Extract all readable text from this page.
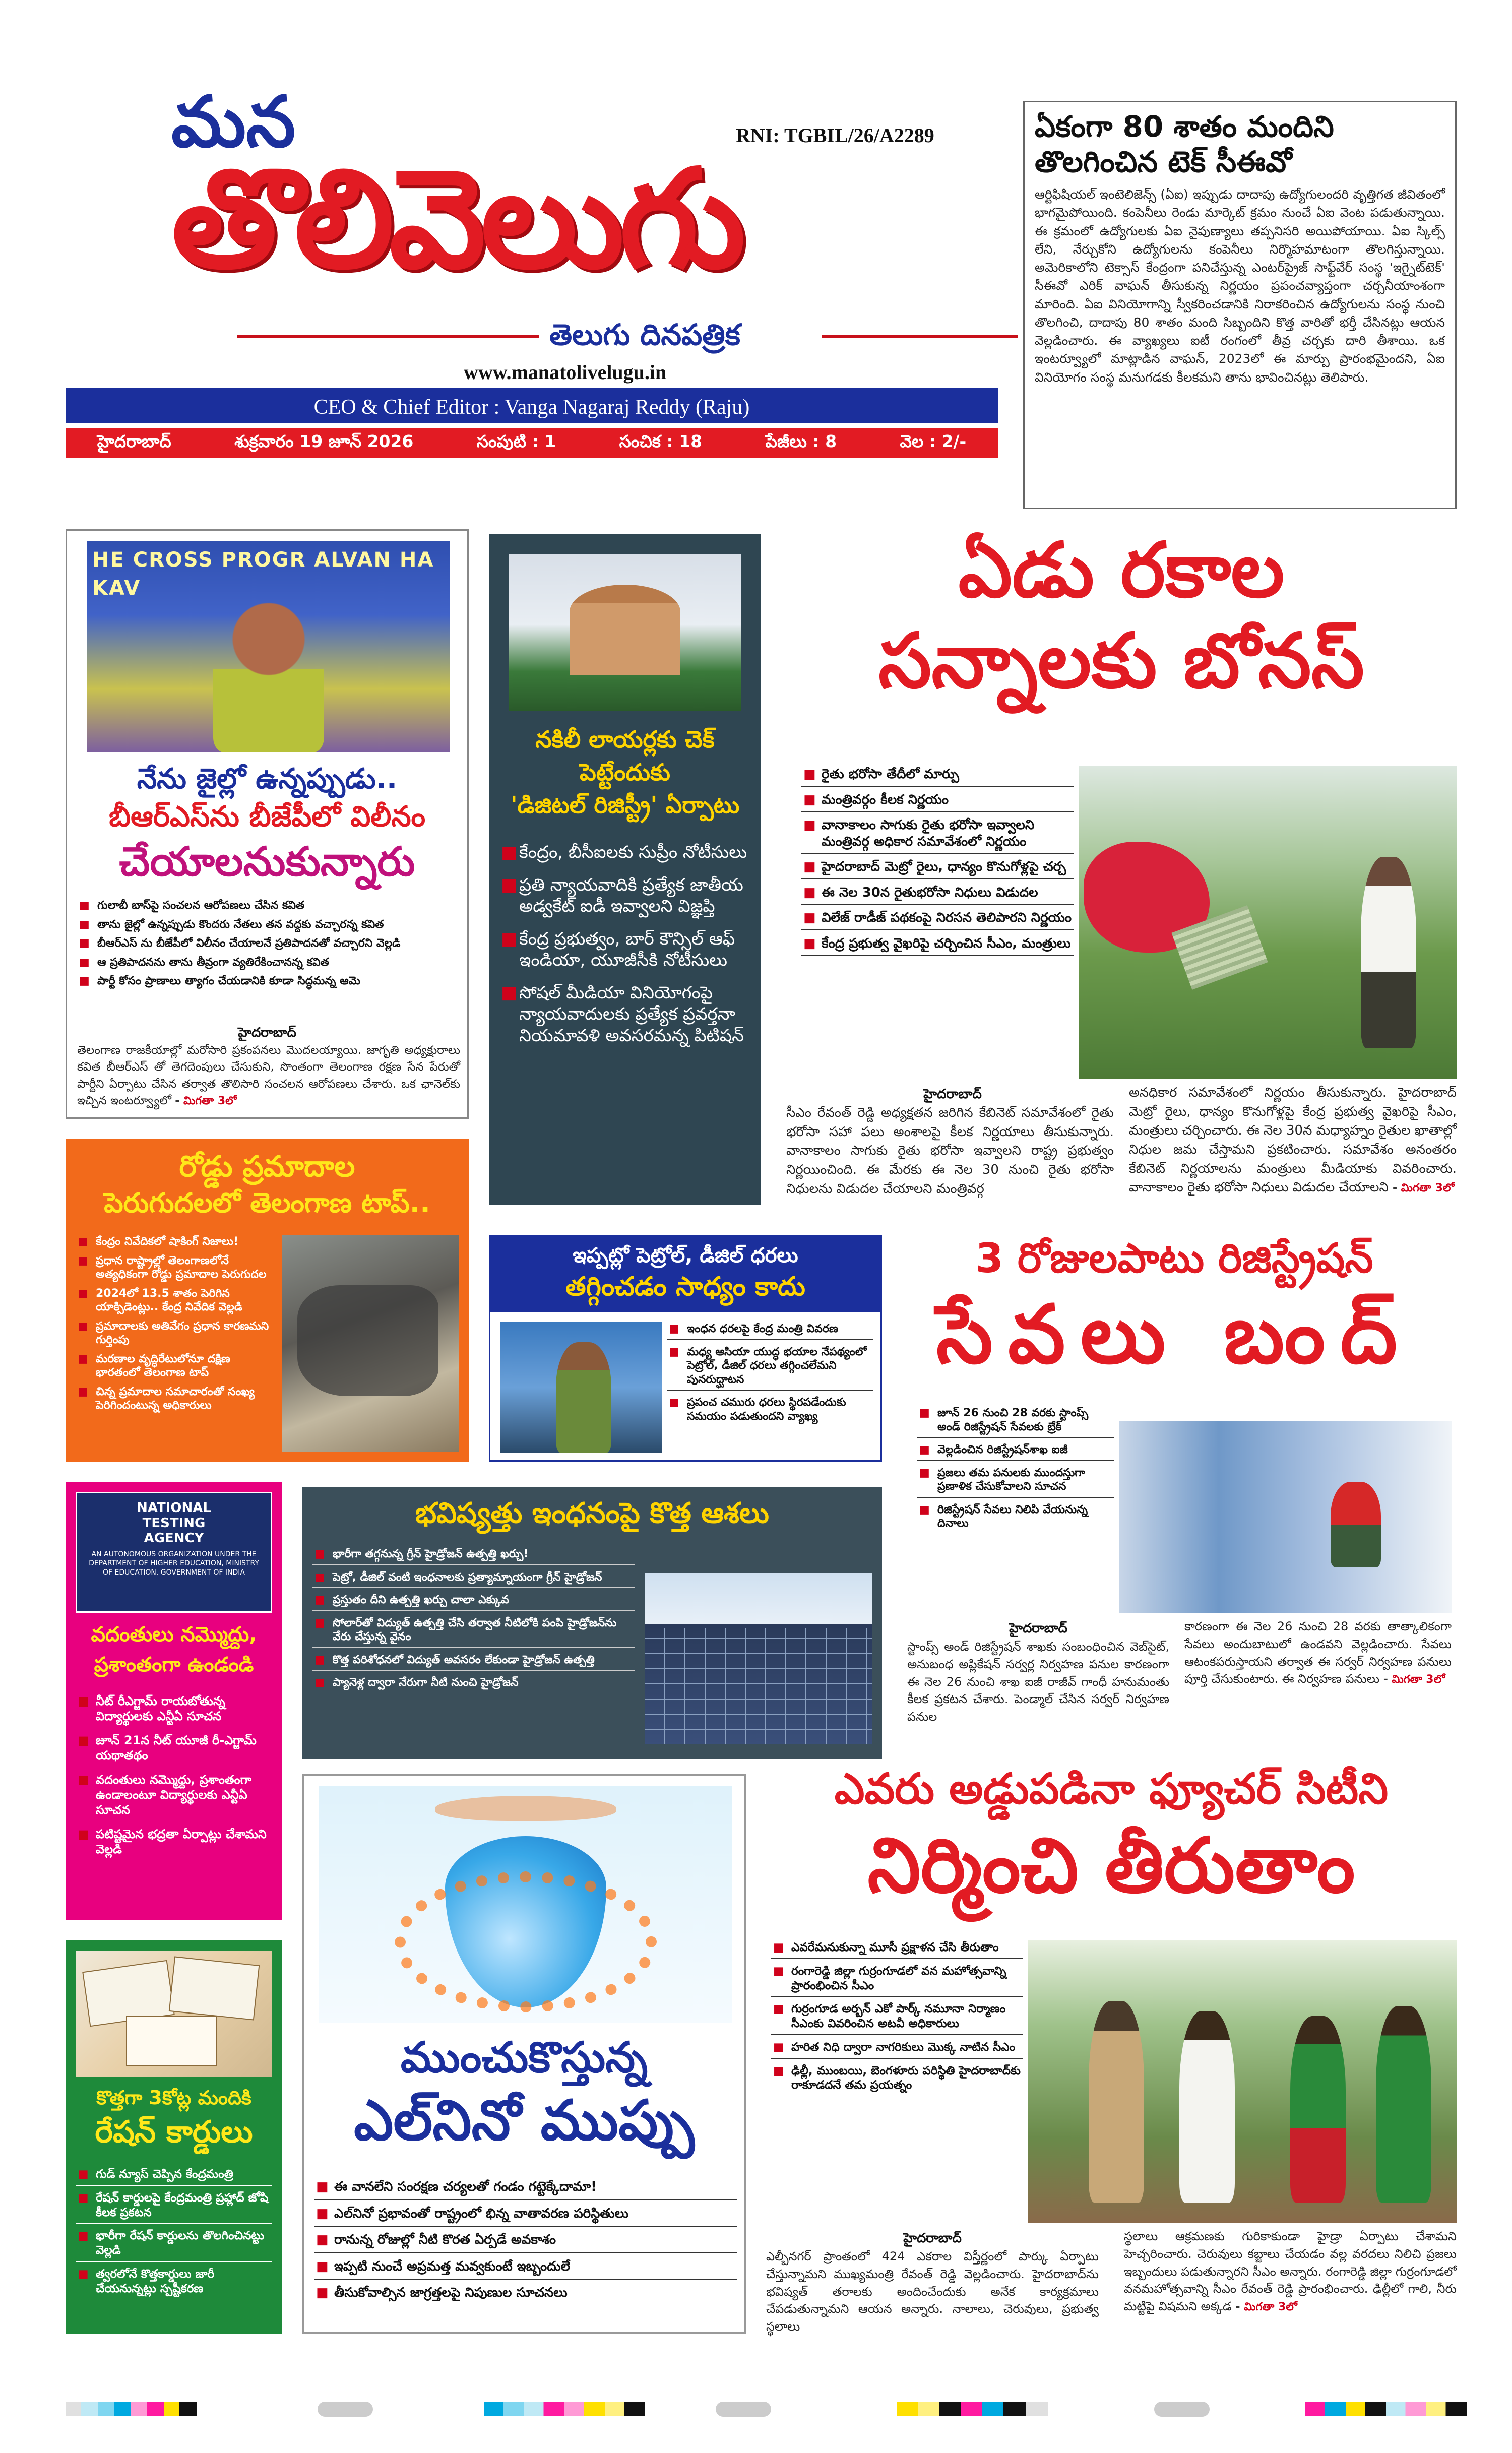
మన	RNI: TGBIL/26/A2289
తొలివెలుగు
తెలుగు దినపత్రిక
www.manatolivelugu.in
CEO & Chief Editor : Vanga Nagaraj Reddy (Raju)
హైదరాబాద్	శుక్రవారం 19 జూన్ 2026	సంపుటి : 1	సంచిక : 18	పేజీలు : 8	వెల : 2/-
ఏకంగా 80 శాతం మందిని
తొలగించిన టెక్ సీఈవో
ఆర్టిఫిషియల్ ఇంటెలిజెన్స్ (ఏఐ) ఇప్పుడు దాదాపు ఉద్యోగులందరి వృత్తిగత జీవితంలో భాగమైపోయింది. కంపెనీలు రెండు మార్కెట్ క్రమం నుంచే ఏఐ వెంట పడుతున్నాయి. ఈ క్రమంలో ఉద్యోగులకు ఏఐ నైపుణ్యాలు తప్పనిసరి అయిపోయాయి. ఏఐ స్కిల్స్ లేని, నేర్చుకోని ఉద్యోగులను కంపెనీలు నిర్మొహమాటంగా తొలగిస్తున్నాయి. అమెరికాలోని టెక్సాస్ కేంద్రంగా పనిచేస్తున్న ఎంటర్‌ప్రైజ్ సాఫ్ట్‌వేర్ సంస్థ 'ఇగ్నైట్‌టెక్' సీఈవో ఎరిక్ వాఘన్ తీసుకున్న నిర్ణయం ప్రపంచవ్యాప్తంగా చర్చనీయాంశంగా మారింది. ఏఐ వినియోగాన్ని స్వీకరించడానికి నిరాకరించిన ఉద్యోగులను సంస్థ నుంచి తొలగించి, దాదాపు 80 శాతం మంది సిబ్బందిని కొత్త వారితో భర్తీ చేసినట్లు ఆయన వెల్లడించారు. ఈ వ్యాఖ్యలు ఐటీ రంగంలో తీవ్ర చర్చకు దారి తీశాయి. ఒక ఇంటర్వ్యూలో మాట్లాడిన వాఘన్, 2023లో ఈ మార్పు ప్రారంభమైందని, ఏఐ వినియోగం సంస్థ మనుగడకు కీలకమని తాను భావించినట్లు తెలిపారు.
HE CROSS PROGR ALVAN HA KAV
నేను జైల్లో ఉన్నప్పుడు..
బీఆర్ఎస్‌ను బీజేపీలో విలీనం
చేయాలనుకున్నారు
■ గులాబీ బాస్‌పై సంచలన ఆరోపణలు చేసిన కవిత
■ తాను జైల్లో ఉన్నప్పుడు కొందరు నేతలు తన వద్దకు వచ్చారన్న కవిత
■ బీఆర్ఎస్ ను బీజేపీలో విలీనం చేయాలనే ప్రతిపాదనతో వచ్చారని వెల్లడి
■ ఆ ప్రతిపాదనను తాను తీవ్రంగా వ్యతిరేకించానన్న కవిత
■ పార్టీ కోసం ప్రాణాలు త్యాగం చేయడానికి కూడా సిద్ధమన్న ఆమె
హైదరాబాద్
తెలంగాణ రాజకీయాల్లో మరోసారి ప్రకంపనలు మొదలయ్యాయి. జాగృతి అధ్యక్షురాలు కవిత బీఆర్ఎస్ తో తెగదెంపులు చేసుకుని, సొంతంగా తెలంగాణ రక్షణ సేన పేరుతో పార్టీని ఏర్పాటు చేసిన తర్వాత తొలిసారి సంచలన ఆరోపణలు చేశారు. ఒక ఛానెల్‌కు ఇచ్చిన ఇంటర్వ్యూలో - మిగతా 3లో
నకిలీ లాయర్లకు చెక్
పెట్టేందుకు
'డిజిటల్ రిజిస్ట్రీ' ఏర్పాటు
■ కేంద్రం, బీసీఐలకు సుప్రీం నోటీసులు
■ ప్రతి న్యాయవాదికి ప్రత్యేక జాతీయ అడ్వకేట్ ఐడీ ఇవ్వాలని విజ్ఞప్తి
■ కేంద్ర ప్రభుత్వం, బార్ కౌన్సిల్ ఆఫ్ ఇండియా, యూజీసీకి నోటీసులు
■ సోషల్ మీడియా వినియోగంపై న్యాయవాదులకు ప్రత్యేక ప్రవర్తనా నియమావళి అవసరమన్న పిటిషన్
ఏడు రకాల
సన్నాలకు బోనస్
■ రైతు భరోసా తేదీలో మార్పు
■ మంత్రివర్గం కీలక నిర్ణయం
■ వానాకాలం సాగుకు రైతు భరోసా ఇవ్వాలని మంత్రివర్గ అధికార సమావేశంలో నిర్ణయం
■ హైదరాబాద్ మెట్రో రైలు, ధాన్యం కొనుగోళ్లపై చర్చ
■ ఈ నెల 30న రైతుభరోసా నిధులు విడుదల
■ విలేజ్ రాడీజ్ పథకంపై నిరసన తెలిపారని నిర్ణయం
■ కేంద్ర ప్రభుత్వ వైఖరిపై చర్చించిన సీఎం, మంత్రులు
హైదరాబాద్
సీఎం రేవంత్ రెడ్డి అధ్యక్షతన జరిగిన కేబినెట్ సమావేశంలో రైతు భరోసా సహా పలు అంశాలపై కీలక నిర్ణయాలు తీసుకున్నారు. వానాకాలం సాగుకు రైతు భరోసా ఇవ్వాలని రాష్ట్ర ప్రభుత్వం నిర్ణయించింది. ఈ మేరకు ఈ నెల 30 నుంచి రైతు భరోసా నిధులను విడుదల చేయాలని మంత్రివర్గ
అనధికార సమావేశంలో నిర్ణయం తీసుకున్నారు. హైదరాబాద్ మెట్రో రైలు, ధాన్యం కొనుగోళ్లపై కేంద్ర ప్రభుత్వ వైఖరిపై సీఎం, మంత్రులు చర్చించారు. ఈ నెల 30న మధ్యాహ్నం రైతుల ఖాతాల్లో నిధుల జమ చేస్తామని ప్రకటించారు. సమావేశం అనంతరం కేబినెట్ నిర్ణయాలను మంత్రులు మీడియాకు వివరించారు. వానాకాలం రైతు భరోసా నిధులు విడుదల చేయాలని - మిగతా 3లో
రోడ్డు ప్రమాదాల
పెరుగుదలలో తెలంగాణ టాప్..
■ కేంద్రం నివేదికలో షాకింగ్ నిజాలు!
■ ప్రధాన రాష్ట్రాల్లో తెలంగాణలోనే అత్యధికంగా రోడ్డు ప్రమాదాల పెరుగుదల
■ 2024లో 13.5 శాతం పెరిగిన యాక్సిడెంట్లు.. కేంద్ర నివేదిక వెల్లడి
■ ప్రమాదాలకు అతివేగం ప్రధాన కారణమని గుర్తింపు
■ మరణాల వృద్ధిరేటులోనూ దక్షిణ భారతంలో తెలంగాణ టాప్
■ చిన్న ప్రమాదాల సమాచారంతో సంఖ్య పెరిగిందంటున్న అధికారులు
ఇప్పట్లో పెట్రోల్, డీజిల్ ధరలు
తగ్గించడం సాధ్యం కాదు
■ ఇంధన ధరలపై కేంద్ర మంత్రి వివరణ
■ మధ్య ఆసియా యుద్ధ భయాల నేపథ్యంలో పెట్రోల్, డీజిల్ ధరలు తగ్గించలేమని పునరుద్ఘాటన
■ ప్రపంచ చమురు ధరలు స్థిరపడేందుకు సమయం పడుతుందని వ్యాఖ్య
3 రోజులపాటు రిజిస్ట్రేషన్
సేవలు బంద్
■ జూన్ 26 నుంచి 28 వరకు స్టాంప్స్ అండ్ రిజిస్ట్రేషన్ సేవలకు బ్రేక్
■ వెల్లడించిన రిజిస్ట్రేషన్‌శాఖ ఐజీ
■ ప్రజలు తమ పనులకు ముందస్తుగా ప్రణాళిక చేసుకోవాలని సూచన
■ రిజిస్ట్రేషన్ సేవలు నిలిపి వేయనున్న దినాలు
హైదరాబాద్
స్టాంప్స్ అండ్ రిజిస్ట్రేషన్ శాఖకు సంబంధించిన వెబ్‌సైట్, అనుబంధ అప్లికేషన్ సర్వర్ల నిర్వహణ పనుల కారణంగా ఈ నెల 26 నుంచి శాఖ ఐజీ రాజీవ్ గాంధీ హనుమంతు కీలక ప్రకటన చేశారు. పెండ్మాల్ చేసిన సర్వర్ నిర్వహణ పనుల
కారణంగా ఈ నెల 26 నుంచి 28 వరకు తాత్కాలికంగా సేవలు అందుబాటులో ఉండవని వెల్లడించారు. సేవలు ఆటంకపరుస్తాయని తర్వాత ఈ సర్వర్ నిర్వహణ పనులు పూర్తి చేసుకుంటారు. ఈ నిర్వహణ పనులు - మిగతా 3లో
NATIONAL
TESTING
AGENCY
AN AUTONOMOUS ORGANIZATION UNDER THE DEPARTMENT OF HIGHER EDUCATION, MINISTRY OF EDUCATION, GOVERNMENT OF INDIA
వదంతులు నమ్మొద్దు,
ప్రశాంతంగా ఉండండి
■ నీట్ రీఎగ్జామ్ రాయబోతున్న విద్యార్థులకు ఎన్టీఏ సూచన
■ జూన్ 21న నీట్ యూజీ రీ-ఎగ్జామ్ యథాతథం
■ వదంతులు నమ్మొద్దు, ప్రశాంతంగా ఉండాలంటూ విద్యార్థులకు ఎన్టీఏ సూచన
■ పటిష్టమైన భద్రతా ఏర్పాట్లు చేశామని వెల్లడి
భవిష్యత్తు ఇంధనంపై కొత్త ఆశలు
■ భారీగా తగ్గనున్న గ్రీన్ హైడ్రోజన్ ఉత్పత్తి ఖర్చు!
■ పెట్రో, డీజిల్ వంటి ఇంధనాలకు ప్రత్యామ్నాయంగా గ్రీన్ హైడ్రోజన్
■ ప్రస్తుతం దీని ఉత్పత్తి ఖర్చు చాలా ఎక్కువ
■ సోలార్‌తో విద్యుత్ ఉత్పత్తి చేసి తర్వాత నీటిలోకి పంపి హైడ్రోజన్‌ను వేరు చేస్తున్న వైనం
■ కొత్త పరిశోధనలో విద్యుత్ అవసరం లేకుండా హైడ్రోజన్ ఉత్పత్తి
■ ప్యానెళ్ల ద్వారా నేరుగా నీటి నుంచి హైడ్రోజన్
కొత్తగా 3కోట్ల మందికి
రేషన్ కార్డులు
■ గుడ్ న్యూస్ చెప్పిన కేంద్రమంత్రి
■ రేషన్ కార్డులపై కేంద్రమంత్రి ప్రహ్లాద్ జోషి కీలక ప్రకటన
■ భారీగా రేషన్ కార్డులను తొలగించినట్టు వెల్లడి
■ త్వరలోనే కొత్తకార్డులు జారీ చేయనున్నట్లు స్పష్టీకరణ
ముంచుకొస్తున్న
ఎల్‌నినో ముప్పు
■ ఈ వానలేని సంరక్షణ చర్యలతో గండం గట్టెక్కేదామా!
■ ఎల్‌నినో ప్రభావంతో రాష్ట్రంలో భిన్న వాతావరణ పరిస్థితులు
■ రానున్న రోజుల్లో నీటి కొరత ఏర్పడే అవకాశం
■ ఇప్పటి నుంచే అప్రమత్త మవ్వకుంటే ఇబ్బందులే
■ తీసుకోవాల్సిన జాగ్రత్తలపై నిపుణుల సూచనలు
ఎవరు అడ్డుపడినా ఫ్యూచర్ సిటీని
నిర్మించి తీరుతాం
■ ఎవరేమనుకున్నా మూసీ ప్రక్షాళన చేసి తీరుతాం
■ రంగారెడ్డి జిల్లా గుర్రంగూడలో వన మహోత్సవాన్ని ప్రారంభించిన సీఎం
■ గుర్రంగూడ అర్బన్ ఎకో పార్క్ నమూనా నిర్మాణం సీఎంకు వివరించిన అటవీ అధికారులు
■ హరిత నిధి ద్వారా నాగరికులు మొక్క నాటిన సీఎం
■ ఢిల్లీ, ముంబయి, బెంగళూరు పరిస్థితి హైదరాబాద్‌కు రాకూడదనే తమ ప్రయత్నం
హైదరాబాద్
ఎల్బీనగర్ ప్రాంతంలో 424 ఎకరాల విస్తీర్ణంలో పార్కు ఏర్పాటు చేస్తున్నామని ముఖ్యమంత్రి రేవంత్ రెడ్డి వెల్లడించారు. హైదరాబాద్‌ను భవిష్యత్ తరాలకు అందించేందుకు అనేక కార్యక్రమాలు చేపడుతున్నామని ఆయన అన్నారు. నాలాలు, చెరువులు, ప్రభుత్వ స్థలాలు
స్థలాలు ఆక్రమణకు గురికాకుండా హైడ్రా ఏర్పాటు చేశామని హెచ్చరించారు. చెరువులు కబ్జాలు చేయడం వల్ల వరదలు నిలిచి ప్రజలు ఇబ్బందులు పడుతున్నారని సీఎం అన్నారు. రంగారెడ్డి జిల్లా గుర్రంగూడలో వనమహోత్సవాన్ని సీఎం రేవంత్ రెడ్డి ప్రారంభించారు. ఢిల్లీలో గాలి, నీరు మట్టిపై విషమని అక్కడ - మిగతా 3లో
